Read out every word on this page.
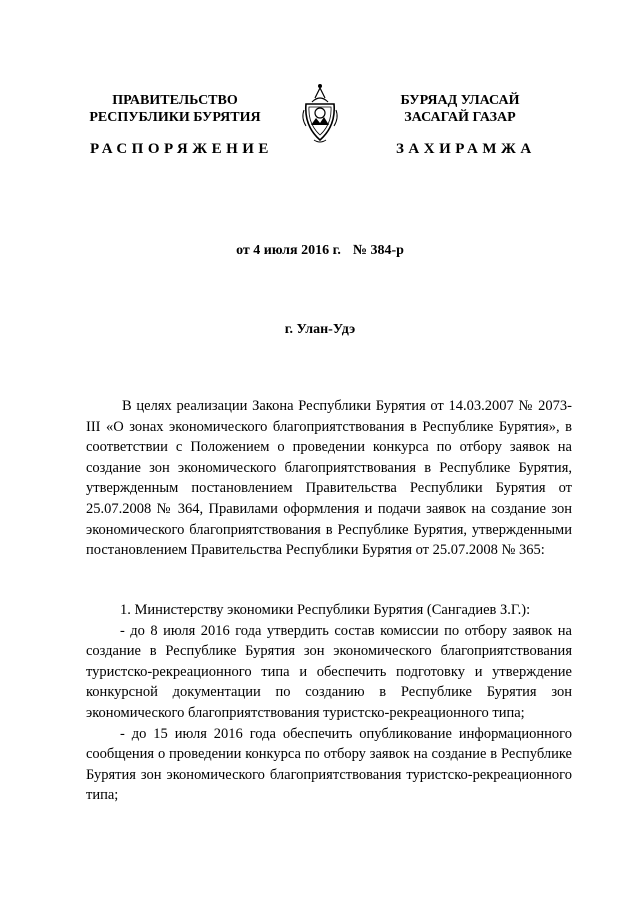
ПРАВИТЕЛЬСТВО
РЕСПУБЛИКИ БУРЯТИЯ
БУРЯАД УЛАСАЙ
ЗАСАГАЙ ГАЗАР
РАСПОРЯЖЕНИЕ	ЗАХИРАМЖА
от 4 июля 2016 г. № 384-р
г. Улан-Удэ
В целях реализации Закона Республики Бурятия от 14.03.2007 № 2073-III «О зонах экономического благоприятствования в Республике Бурятия», в соответствии с Положением о проведении конкурса по отбору заявок на создание зон экономического благоприятствования в Республике Бурятия, утвержденным постановлением Правительства Республики Бурятия от 25.07.2008 № 364, Правилами оформления и подачи заявок на создание зон экономического благоприятствования в Республике Бурятия, утвержденными постановлением Правительства Республики Бурятия от 25.07.2008 № 365:

1. Министерству экономики Республики Бурятия (Сангадиев З.Г.):

- до 8 июля 2016 года утвердить состав комиссии по отбору заявок на создание в Республике Бурятия зон экономического благоприятствования туристско-рекреационного типа и обеспечить подготовку и утверждение конкурсной документации по созданию в Республике Бурятия зон экономического благоприятствования туристско-рекреационного типа;

- до 15 июля 2016 года обеспечить опубликование информационного сообщения о проведении конкурса по отбору заявок на создание в Республике Бурятия зон экономического благоприятствования туристско-рекреационного типа;
